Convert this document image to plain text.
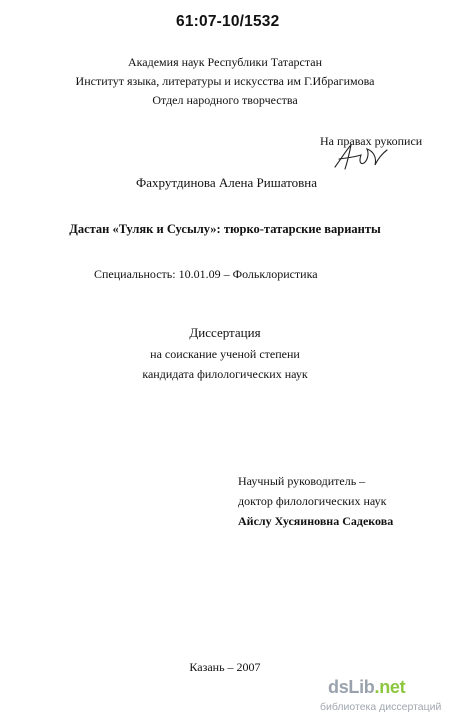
61:07-10/1532
Академия наук Республики Татарстан
Институт языка, литературы и искусства им Г.Ибрагимова
Отдел народного творчества
На правах рукописи
Фахрутдинова Алена Ришатовна
Дастан «Туляк и Сусылу»: тюрко-татарские варианты
Специальность: 10.01.09 – Фольклористика
Диссертация
на соискание ученой степени
кандидата филологических наук
Научный руководитель –
доктор филологических наук
Айслу Хусяиновна Садекова
Казань – 2007
dsLib.net
библиотека диссертаций
